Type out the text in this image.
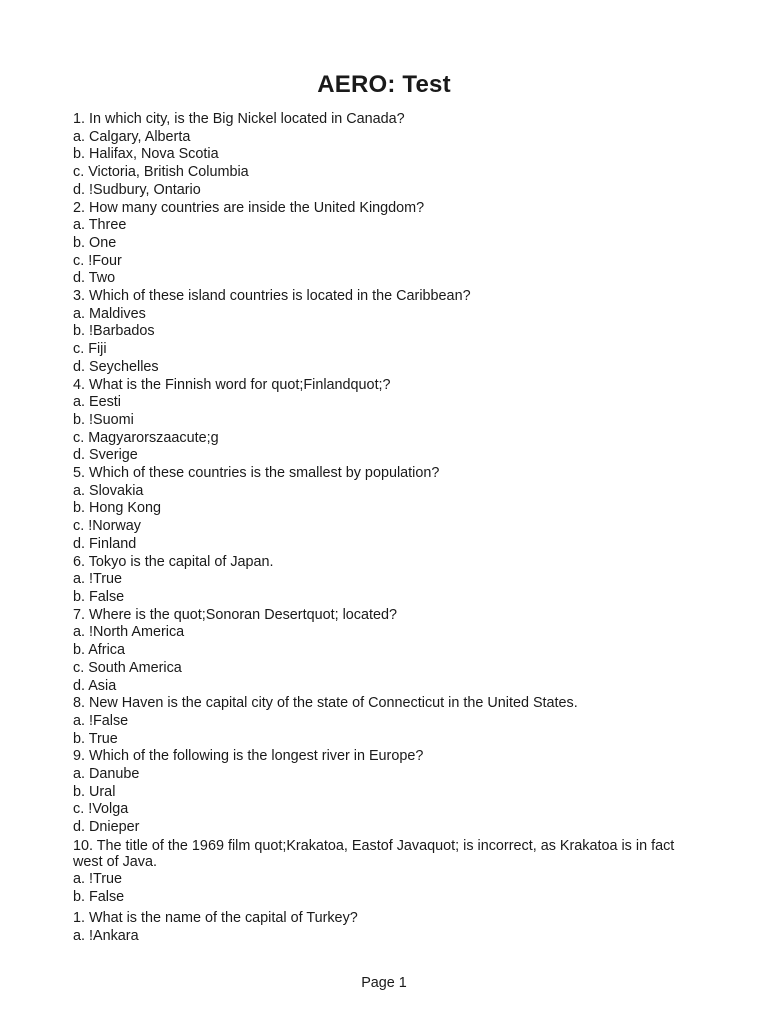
AERO: Test
1. In which city, is the Big Nickel located in Canada?
a. Calgary, Alberta
b. Halifax, Nova Scotia
c. Victoria, British Columbia
d. !Sudbury, Ontario
2. How many countries are inside the United Kingdom?
a. Three
b. One
c. !Four
d. Two
3. Which of these island countries is located in the Caribbean?
a. Maldives
b. !Barbados
c. Fiji
d. Seychelles
4. What is the Finnish word for quot;Finlandquot;?
a. Eesti
b. !Suomi
c. Magyarorszaacute;g
d. Sverige
5. Which of these countries is the smallest by population?
a. Slovakia
b. Hong Kong
c. !Norway
d. Finland
6. Tokyo is the capital of Japan.
a. !True
b. False
7. Where is the quot;Sonoran Desertquot; located?
a. !North America
b. Africa
c. South America
d. Asia
8. New Haven is the capital city of the state of Connecticut in the United States.
a. !False
b. True
9. Which of the following is the longest river in Europe?
a. Danube
b. Ural
c. !Volga
d. Dnieper
10. The title of the 1969 film quot;Krakatoa, Eastof Javaquot; is incorrect, as Krakatoa is in fact west of Java.
a. !True
b. False
1. What is the name of the capital of Turkey?
a. !Ankara
Page 1
